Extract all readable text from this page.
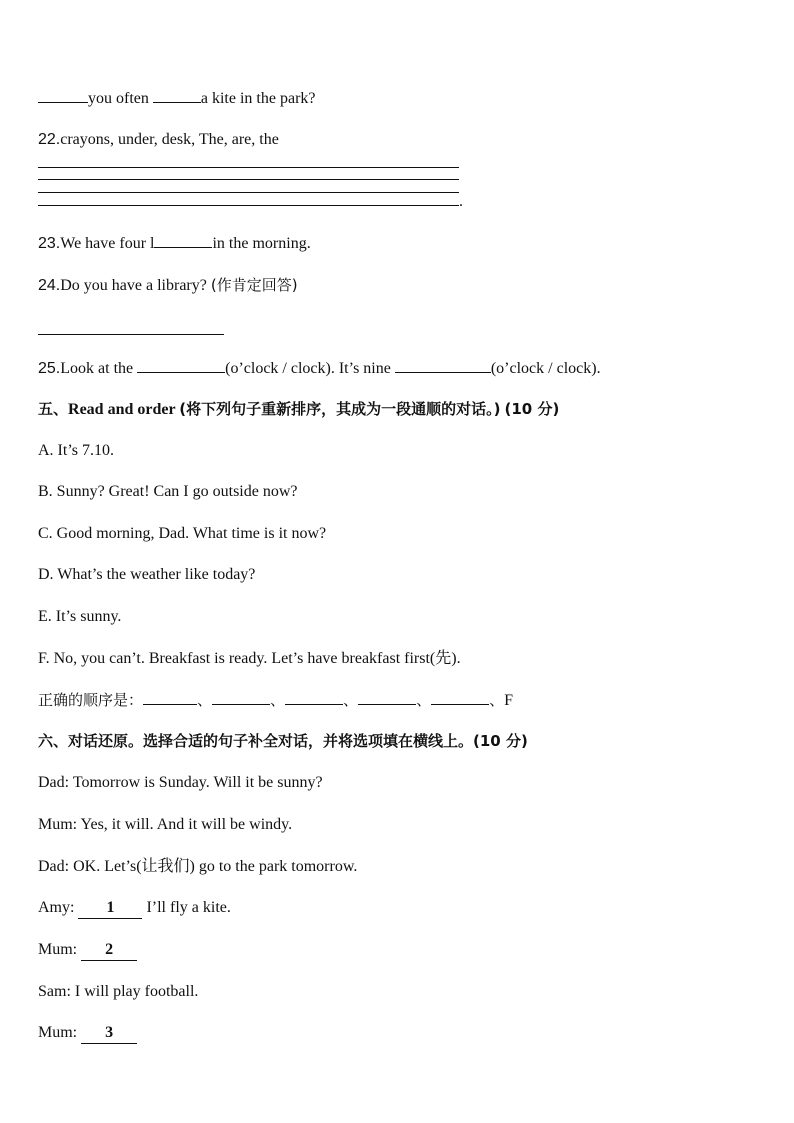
you often	a kite in the park?
22.crayons, under, desk, The, are, the
.
23.We have four l	in the morning.
24.Do you have a library? (作肯定回答)
25.Look at the	(o’clock / clock). It’s nine	(o’clock / clock).
五、Read and order (将下列句子重新排序，其成为一段通顺的对话。) (10 分)
A. It’s 7.10.
B. Sunny? Great! Can I go outside now?
C. Good morning, Dad. What time is it now?
D. What’s the weather like today?
E. It’s sunny.
F. No, you can’t. Breakfast is ready. Let’s have breakfast first(先).
正确的顺序是：	、	、	、	、	、F
六、对话还原。选择合适的句子补全对话，并将选项填在横线上。(10 分)
Dad: Tomorrow is Sunday. Will it be sunny?
Mum: Yes, it will. And it will be windy.
Dad: OK. Let’s(让我们) go to the park tomorrow.
Amy: 1 I’ll fly a kite.
Mum: 2
Sam: I will play football.
Mum: 3
